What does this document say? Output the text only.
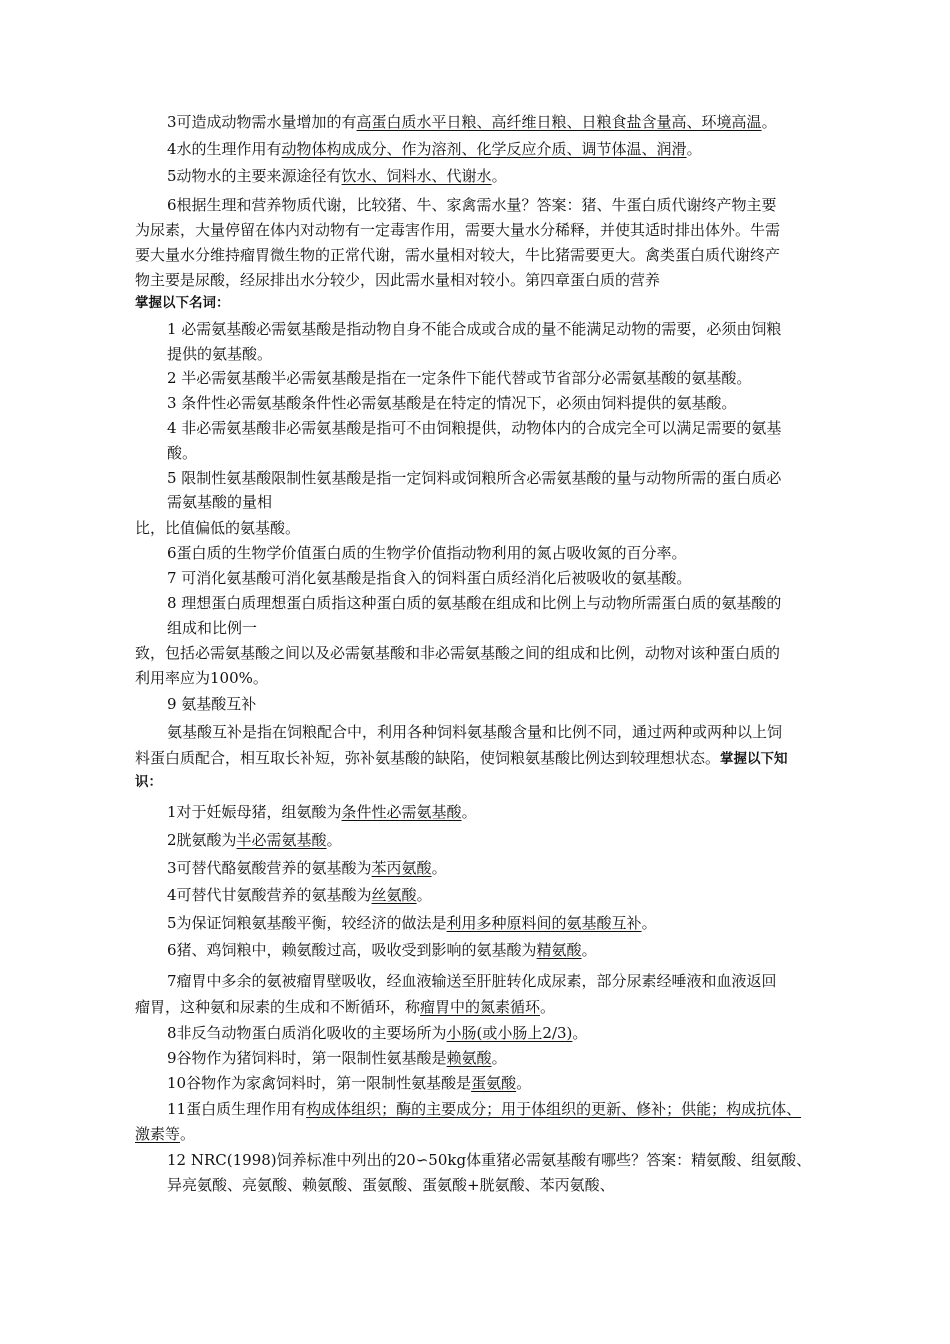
3可造成动物需水量增加的有高蛋白质水平日粮、高纤维日粮、日粮食盐含量高、环境高温。
4水的生理作用有动物体构成成分、作为溶剂、化学反应介质、调节体温、润滑。
5动物水的主要来源途径有饮水、饲料水、代谢水。
6根据生理和营养物质代谢，比较猪、牛、家禽需水量？答案：猪、牛蛋白质代谢终产物主要
为尿素，大量停留在体内对动物有一定毒害作用，需要大量水分稀释，并使其适时排出体外。牛需
要大量水分维持瘤胃微生物的正常代谢，需水量相对较大，牛比猪需要更大。禽类蛋白质代谢终产
物主要是尿酸，经尿排出水分较少，因此需水量相对较小。第四章蛋白质的营养
掌握以下名词：
1 必需氨基酸必需氨基酸是指动物自身不能合成或合成的量不能满足动物的需要，必须由饲粮
提供的氨基酸。
2 半必需氨基酸半必需氨基酸是指在一定条件下能代替或节省部分必需氨基酸的氨基酸。
3 条件性必需氨基酸条件性必需氨基酸是在特定的情况下，必须由饲料提供的氨基酸。
4 非必需氨基酸非必需氨基酸是指可不由饲粮提供，动物体内的合成完全可以满足需要的氨基
酸。
5 限制性氨基酸限制性氨基酸是指一定饲料或饲粮所含必需氨基酸的量与动物所需的蛋白质必
需氨基酸的量相
比，比值偏低的氨基酸。
6蛋白质的生物学价值蛋白质的生物学价值指动物利用的氮占吸收氮的百分率。
7 可消化氨基酸可消化氨基酸是指食入的饲料蛋白质经消化后被吸收的氨基酸。
8 理想蛋白质理想蛋白质指这种蛋白质的氨基酸在组成和比例上与动物所需蛋白质的氨基酸的
组成和比例一
致，包括必需氨基酸之间以及必需氨基酸和非必需氨基酸之间的组成和比例，动物对该种蛋白质的
利用率应为100%。
9 氨基酸互补
氨基酸互补是指在饲粮配合中，利用各种饲料氨基酸含量和比例不同，通过两种或两种以上饲
料蛋白质配合，相互取长补短，弥补氨基酸的缺陷，使饲粮氨基酸比例达到较理想状态。掌握以下知
识：
1对于妊娠母猪，组氨酸为条件性必需氨基酸。
2胱氨酸为半必需氨基酸。
3可替代酪氨酸营养的氨基酸为苯丙氨酸。
4可替代甘氨酸营养的氨基酸为丝氨酸。
5为保证饲粮氨基酸平衡，较经济的做法是利用多种原料间的氨基酸互补。
6猪、鸡饲粮中，赖氨酸过高，吸收受到影响的氨基酸为精氨酸。
7瘤胃中多余的氨被瘤胃壁吸收，经血液输送至肝脏转化成尿素，部分尿素经唾液和血液返回
瘤胃，这种氨和尿素的生成和不断循环，称瘤胃中的氮素循环。
8非反刍动物蛋白质消化吸收的主要场所为小肠(或小肠上2/3)。
9谷物作为猪饲料时，第一限制性氨基酸是赖氨酸。
10谷物作为家禽饲料时，第一限制性氨基酸是蛋氨酸。
11蛋白质生理作用有构成体组织；酶的主要成分；用于体组织的更新、修补；供能；构成抗体、
激素等。
12 NRC(1998)饲养标准中列出的20∽50kg体重猪必需氨基酸有哪些？答案：精氨酸、组氨酸、
异亮氨酸、亮氨酸、赖氨酸、蛋氨酸、蛋氨酸+胱氨酸、苯丙氨酸、
